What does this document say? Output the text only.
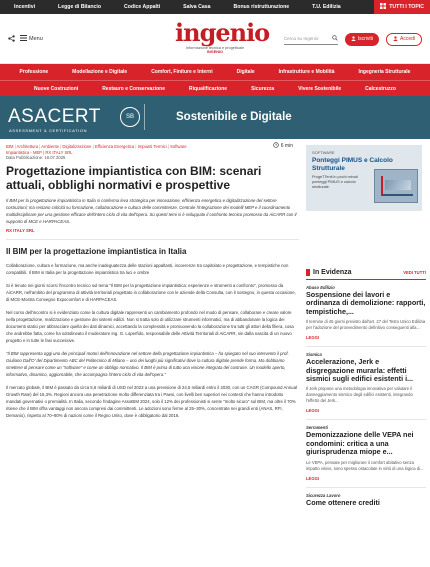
Incentivi	Legge di Bilancio	Codice Appalti	Salva Casa	Bonus ristrutturazione	T.U. Edilizia	TUTTI I TOPIC
Menu	ingenio
Informazione tecnica e progettuale
INGENIO
Cerca su Ingenio	Iscriviti	Accedi
Professione	Modellazione e Digitale	Comfort, Finiture e Interni	Digitale	Infrastrutture e Mobilità	Ingegneria Strutturale
Nuove Costruzioni	Restauro e Conservazione	Riqualificazione	Sicurezza	Vivere Sostenibile	Calcestruzzo
ASACERT
ASSESSMENT & CERTIFICATION
SB	Sostenibile e Digitale
6 min
BIM | Architettura | Ambiente | Digitalizzazione | Efficienza Energetica | Impianti Termici | Software
Impiantistica - MEP | RX ITALY SRL
Data Pubblicazione: 16.07.2025
Progettazione impiantistica con BIM: scenari attuali, obblighi normativi e prospettive

Il BIM per la progettazione impiantistica in Italia si conferma leva strategica per innovazione, efficienza energetica e digitalizzazione del settore costruzioni; ma restano criticità su formazione, collaborazione e cultura delle committenze. Centrale l'integrazione dei modelli MEP e il coordinamento multidisciplinare per una gestione efficace dell'intero ciclo di vita dell'opera. Su questi temi si è sviluppato il confronto tecnico promosso da AiCARR con il supporto di MCE e HARPACEAS.

RX ITALY SRL
Il BIM per la progettazione impiantistica in Italia

Collaborazione, cultura e formazione, ma anche inadeguatezza delle stazioni appaltanti, incoerenze tra capitolato e progettazione, e tempistiche non compatibili. Il BIM in Italia per la progettazione impiantistica tra luci e ombre

Si è tenuto nei giorni scorsi l'incontro tecnico sul tema "Il BIM per la progettazione impiantistica: esperienze e strumenti a confronto", promosso da AiCARR, nell'ambito del programma di attività territoriali progettato in collaborazione con le aziende della Consulta, con il sostegno, in questa occasione, di MCE-Mostra Convegno Expocomfort e di HARPACEAS.

Nel corso dell'incontro si è evidenziato come la cultura digitale rappresenti un cambiamento profondo nel modo di pensare, collaborare e creare valore nella progettazione, realizzazione e gestione dei sistemi edilizi. Non si tratta solo di utilizzare strumenti informatici, ma di abbandonare la logica dei documenti statici per abbracciare quella dei dati dinamici, accettando la complessità e promuovendo la collaborazione tra tutti gli attori della filiera, cosa che andrebbe fatta, come ha sottolineato il moderatore Ing. G. Loperfido, responsabile delle Attività Territoriali di AiCARR, sin dalla nascita di un nuovo progetto e in tutte le fasi successive.

"Il BIM rappresenta oggi uno dei principali motori dell'innovazione nel settore della progettazione impiantistica – ha spiegato nel suo intervento il prof. Giuliano Dall'O' del Dipartimento ABC del Politecnico di Milano – uno dei luoghi più significativi dove la cultura digitale prende forma. Ma dobbiamo smettere di pensare come un "software" e come un obbligo normativo. Il BIM è prima di tutto una visione integrata del costruire. Un modello aperto, informativo, dinamico, aggiornabile, che accompagna l'intero ciclo di vita dell'opera."

Il mercato globale, il BIM è passato da circa 5,6 miliardi di USD nel 2023 a una previsione di 24,5 miliardi entro il 2030, con un CAGR (Compound Annual Growth Rate) del 16,3%. Regioni ancora una penetrazione molto differenziata tra i Paesi, con livelli ben superiori nei contesti che hanno introdotto mandati governativi o premialità. In Italia, secondo l'indagine AssoBIM 2024, solo il 12% dei professionisti si sente "molto sicuro" sul BIM, ma oltre il 70% ritiene che il BIM offra vantaggi non ancora compresi dai committenti. Le adozioni sono ferme al 25–30%, concentrate nei grandi enti (ANAS, RFI, Demanio), rispetto al 70–80% di nazioni come il Regno Unito, dove è obbligatorio dal 2016.

SOFTWARE
Ponteggi PIMUS e Calcolo Strutturale
ProgeTTenti in pochi minuti ponteggi PIMUS e calcolo strutturale
In Evidenza	VEDI TUTTI
Abuso Edilizio
Sospensione dei lavori e ordinanza di demolizione: rapporti, tempistiche,...
Il termine di 45 giorni previsto dall'art. 27 del Testo Unico Edilizia per l'adozione del provvedimento definitivo conseguenti alla...
LEGGI
Sismica
Accelerazione, Jerk e disgregazione murarla: effetti sismici sugli edifici esistenti i...
Il Jerk propone una metodologia innovativa per valutare il danneggiamento sismico degli edifici esistenti, integrando l'effetto del Jerk...
LEGGI
Serramenti
Demonizzazione delle VEPA nei condomini: critica a una giurisprudenza miope e...
Le VEPA, pensate per migliorare il comfort abitativo senza impatto visivo, sono spesso ostacolate in virtù di una logica di...
LEGGI
Sicurezza Lavoro
Come ottenere crediti
